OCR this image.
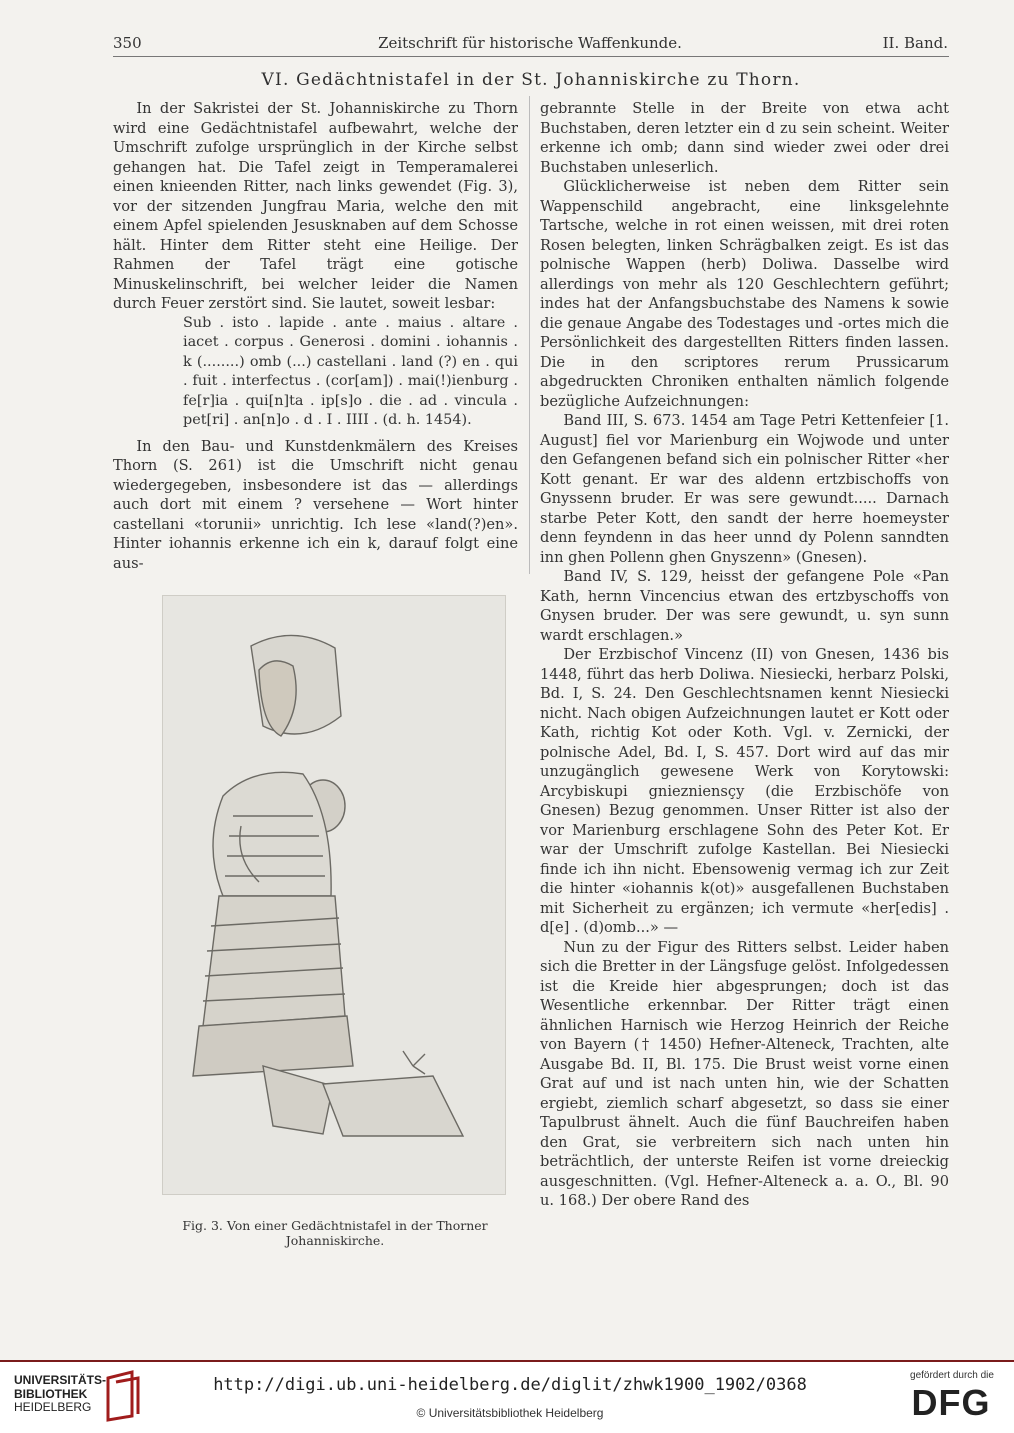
350	Zeitschrift für historische Waffenkunde.	II. Band.
VI. Gedächtnistafel in der St. Johanniskirche zu Thorn.

In der Sakristei der St. Johanniskirche zu Thorn wird eine Gedächtnistafel aufbewahrt, welche der Umschrift zufolge ursprünglich in der Kirche selbst gehangen hat. Die Tafel zeigt in Temperamalerei einen knieenden Ritter, nach links gewendet (Fig. 3), vor der sitzenden Jungfrau Maria, welche den mit einem Apfel spielenden Jesusknaben auf dem Schosse hält. Hinter dem Ritter steht eine Heilige. Der Rahmen der Tafel trägt eine gotische Minuskelinschrift, bei welcher leider die Namen durch Feuer zerstört sind. Sie lautet, soweit lesbar:

Sub . isto . lapide . ante . maius . altare . iacet . corpus . Generosi . domini . iohannis . k (........) omb (...) castellani . land (?) en . qui . fuit . interfectus . (cor[am]) . mai(!)ienburg . fe[r]ia . qui[n]ta . ip[s]o . die . ad . vincula . pet[ri] . an[n]o . d . I . IIII . (d. h. 1454).

In den Bau- und Kunstdenkmälern des Kreises Thorn (S. 261) ist die Umschrift nicht genau wiedergegeben, insbesondere ist das — allerdings auch dort mit einem ? versehene — Wort hinter castellani «torunii» unrichtig. Ich lese «land(?)en». Hinter iohannis erkenne ich ein k, darauf folgt eine aus-

Fig. 3. Von einer Gedächtnistafel in der Thorner Johanniskirche.

gebrannte Stelle in der Breite von etwa acht Buchstaben, deren letzter ein d zu sein scheint. Weiter erkenne ich omb; dann sind wieder zwei oder drei Buchstaben unleserlich.

Glücklicherweise ist neben dem Ritter sein Wappenschild angebracht, eine linksgelehnte Tartsche, welche in rot einen weissen, mit drei roten Rosen belegten, linken Schrägbalken zeigt. Es ist das polnische Wappen (herb) Doliwa. Dasselbe wird allerdings von mehr als 120 Geschlechtern geführt; indes hat der Anfangsbuchstabe des Namens k sowie die genaue Angabe des Todestages und -ortes mich die Persönlichkeit des dargestellten Ritters finden lassen. Die in den scriptores rerum Prussicarum abgedruckten Chroniken enthalten nämlich folgende bezügliche Aufzeichnungen:

Band III, S. 673. 1454 am Tage Petri Kettenfeier [1. August] fiel vor Marienburg ein Wojwode und unter den Gefangenen befand sich ein polnischer Ritter «her Kott genant. Er war des aldenn ertzbischoffs von Gnyssenn bruder. Er was sere gewundt..... Darnach starbe Peter Kott, den sandt der herre hoemeyster denn feyndenn in das heer unnd dy Polenn sanndten inn ghen Pollenn ghen Gnyszenn» (Gnesen).

Band IV, S. 129, heisst der gefangene Pole «Pan Kath, hernn Vincencius etwan des ertzbyschoffs von Gnysen bruder. Der was sere gewundt, u. syn sunn wardt erschlagen.»

Der Erzbischof Vincenz (II) von Gnesen, 1436 bis 1448, führt das herb Doliwa. Niesiecki, herbarz Polski, Bd. I, S. 24. Den Geschlechtsnamen kennt Niesiecki nicht. Nach obigen Aufzeichnungen lautet er Kott oder Kath, richtig Kot oder Koth. Vgl. v. Zernicki, der polnische Adel, Bd. I, S. 457. Dort wird auf das mir unzugänglich gewesene Werk von Korytowski: Arcybiskupi gniezniensçy (die Erzbischöfe von Gnesen) Bezug genommen. Unser Ritter ist also der vor Marienburg erschlagene Sohn des Peter Kot. Er war der Umschrift zufolge Kastellan. Bei Niesiecki finde ich ihn nicht. Ebensowenig vermag ich zur Zeit die hinter «iohannis k(ot)» ausgefallenen Buchstaben mit Sicherheit zu ergänzen; ich vermute «her[edis] . d[e] . (d)omb...» —

Nun zu der Figur des Ritters selbst. Leider haben sich die Bretter in der Längsfuge gelöst. Infolgedessen ist die Kreide hier abgesprungen; doch ist das Wesentliche erkennbar. Der Ritter trägt einen ähnlichen Harnisch wie Herzog Heinrich der Reiche von Bayern († 1450) Hefner-Alteneck, Trachten, alte Ausgabe Bd. II, Bl. 175. Die Brust weist vorne einen Grat auf und ist nach unten hin, wie der Schatten ergiebt, ziemlich scharf abgesetzt, so dass sie einer Tapulbrust ähnelt. Auch die fünf Bauchreifen haben den Grat, sie verbreitern sich nach unten hin beträchtlich, der unterste Reifen ist vorne dreieckig ausgeschnitten. (Vgl. Hefner-Alteneck a. a. O., Bl. 90 u. 168.) Der obere Rand des

UNIVERSITÄTS-
BIBLIOTHEK
HEIDELBERG
http://digi.ub.uni-heidelberg.de/diglit/zhwk1900_1902/0368
© Universitätsbibliothek Heidelberg
gefördert durch die
DFG
